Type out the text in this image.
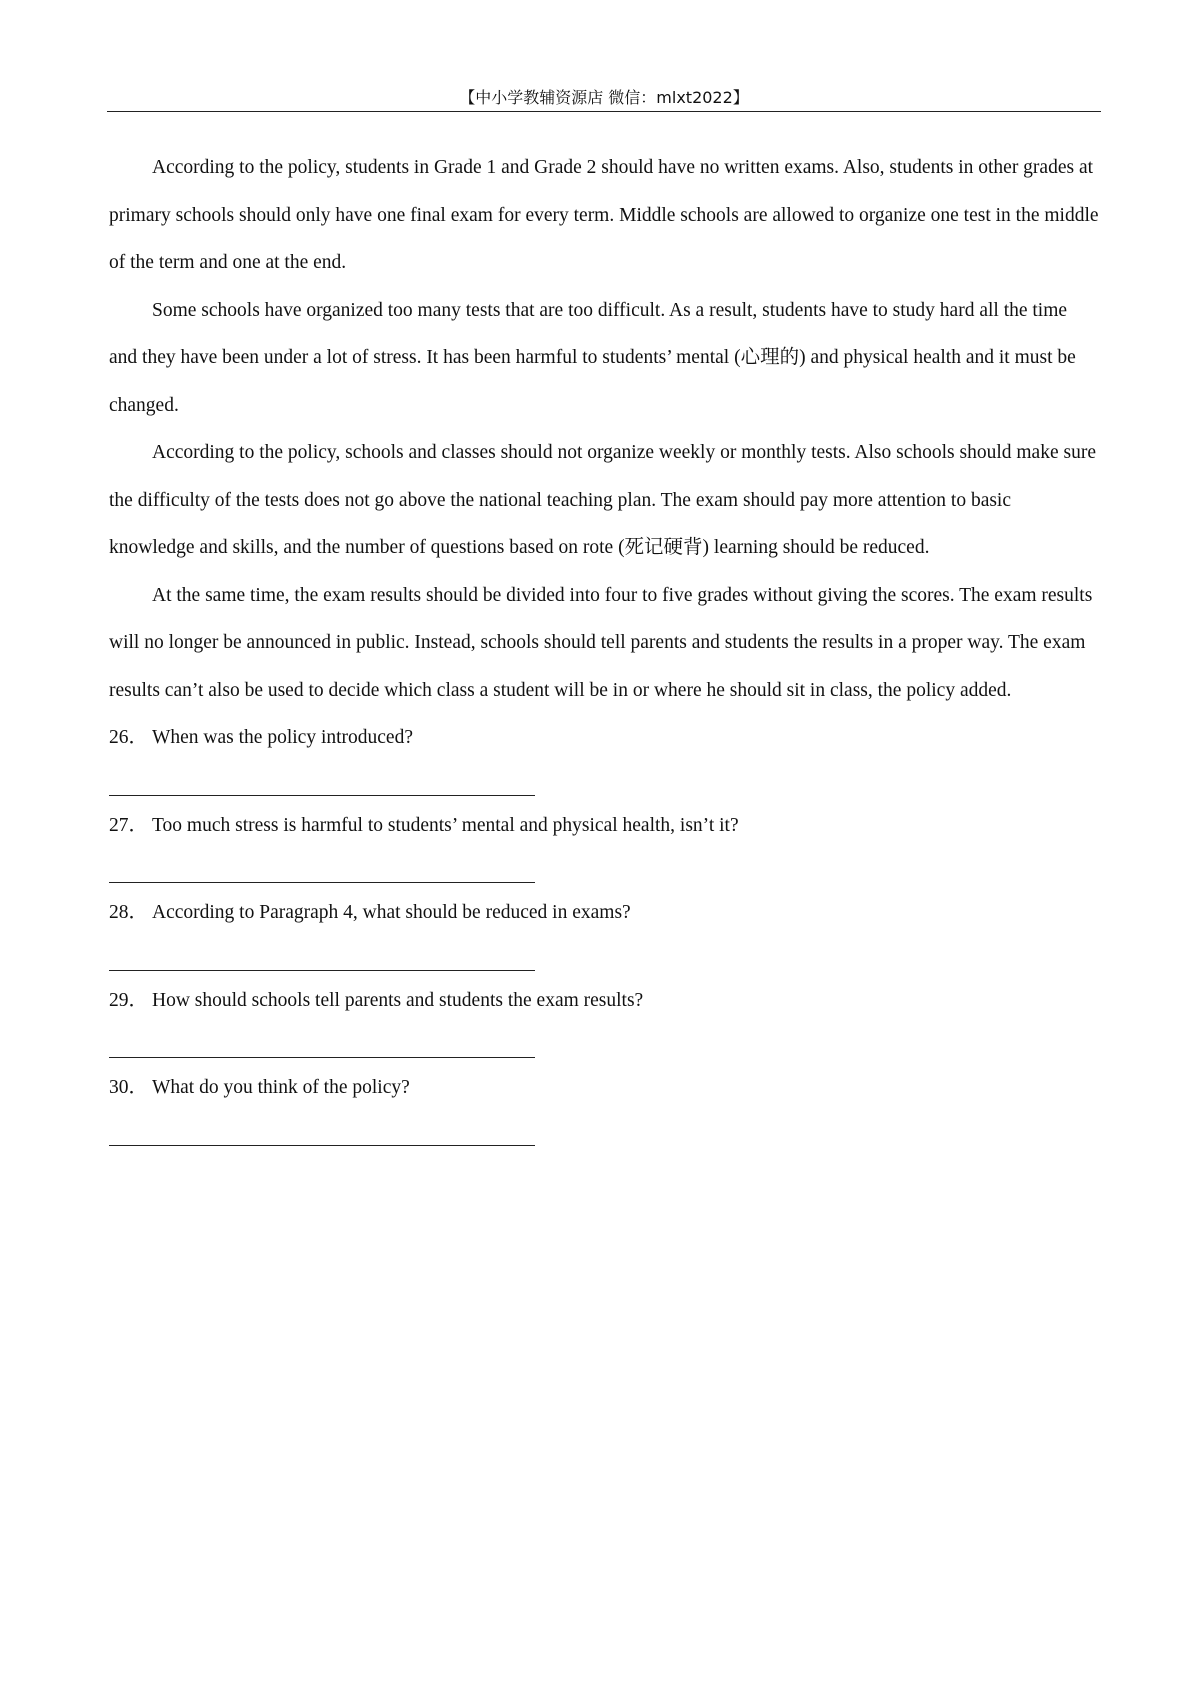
【中小学教辅资源店 微信：mlxt2022】

According to the policy, students in Grade 1 and Grade 2 should have no written exams. Also, students in other grades at primary schools should only have one final exam for every term. Middle schools are allowed to organize one test in the middle of the term and one at the end.

Some schools have organized too many tests that are too difficult. As a result, students have to study hard all the time and they have been under a lot of stress. It has been harmful to students’ mental (心理的) and physical health and it must be changed.

According to the policy, schools and classes should not organize weekly or monthly tests. Also schools should make sure the difficulty of the tests does not go above the national teaching plan. The exam should pay more attention to basic knowledge and skills, and the number of questions based on rote (死记硬背) learning should be reduced.

At the same time, the exam results should be divided into four to five grades without giving the scores. The exam results will no longer be announced in public. Instead, schools should tell parents and students the results in a proper way. The exam results can’t also be used to decide which class a student will be in or where he should sit in class, the policy added.

26． When was the policy introduced?
27． Too much stress is harmful to students’ mental and physical health, isn’t it?
28． According to Paragraph 4, what should be reduced in exams?
29． How should schools tell parents and students the exam results?
30． What do you think of the policy?
